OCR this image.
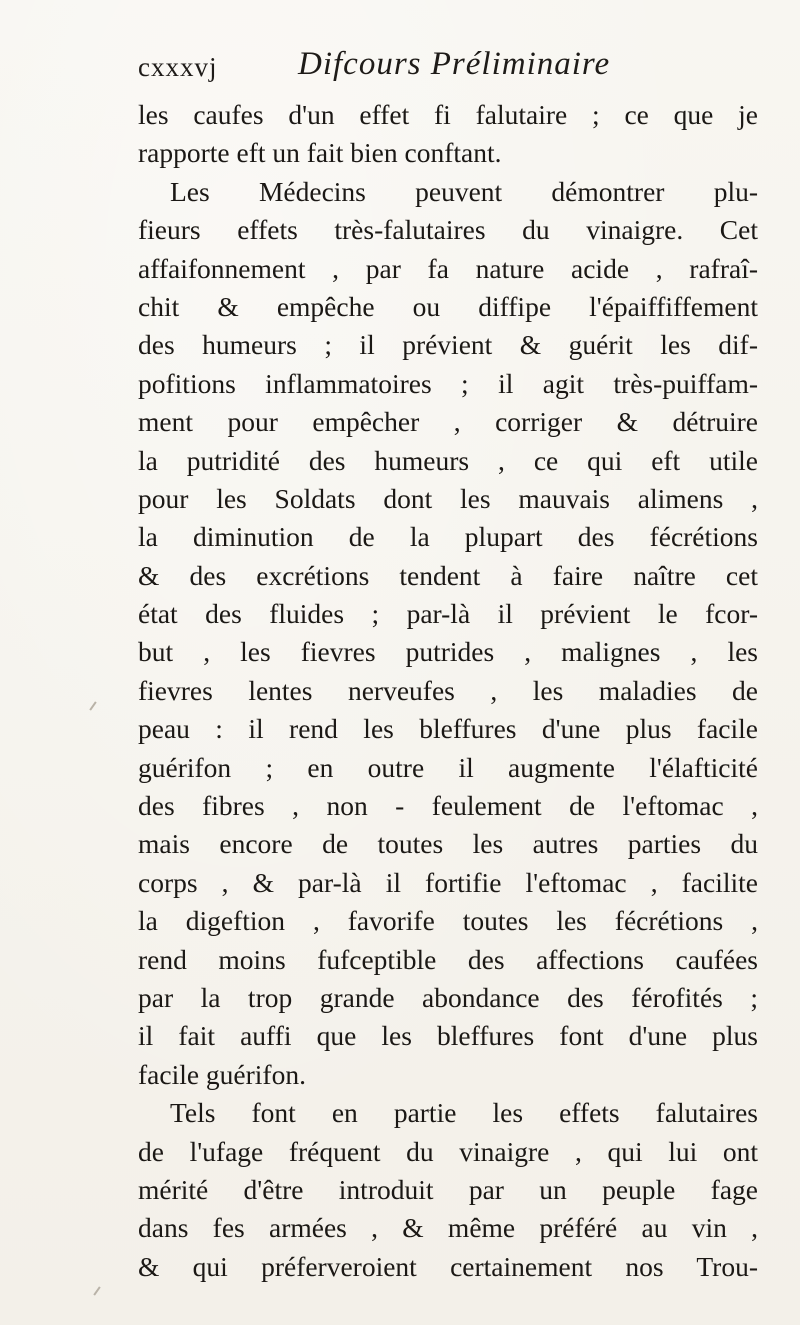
cxxxvj Difcours Préliminaire
les caufes d'un effet fi falutaire ; ce que je
rapporte eft un fait bien conftant.
Les Médecins peuvent démontrer plu-
fieurs effets très-falutaires du vinaigre. Cet
affaifonnement , par fa nature acide , rafraî-
chit & empêche ou diffipe l'épaiffiffement
des humeurs ; il prévient & guérit les dif-
pofitions inflammatoires ; il agit très-puiffam-
ment pour empêcher , corriger & détruire
la putridité des humeurs , ce qui eft utile
pour les Soldats dont les mauvais alimens ,
la diminution de la plupart des fécrétions
& des excrétions tendent à faire naître cet
état des fluides ; par-là il prévient le fcor-
but , les fievres putrides , malignes , les
fievres lentes nerveufes , les maladies de
peau : il rend les bleffures d'une plus facile
guérifon ; en outre il augmente l'élafticité
des fibres , non - feulement de l'eftomac ,
mais encore de toutes les autres parties du
corps , & par-là il fortifie l'eftomac , facilite
la digeftion , favorife toutes les fécrétions ,
rend moins fufceptible des affections caufées
par la trop grande abondance des férofités ;
il fait auffi que les bleffures font d'une plus
facile guérifon.
Tels font en partie les effets falutaires
de l'ufage fréquent du vinaigre , qui lui ont
mérité d'être introduit par un peuple fage
dans fes armées , & même préféré au vin ,
& qui préferveroient certainement nos Trou-
